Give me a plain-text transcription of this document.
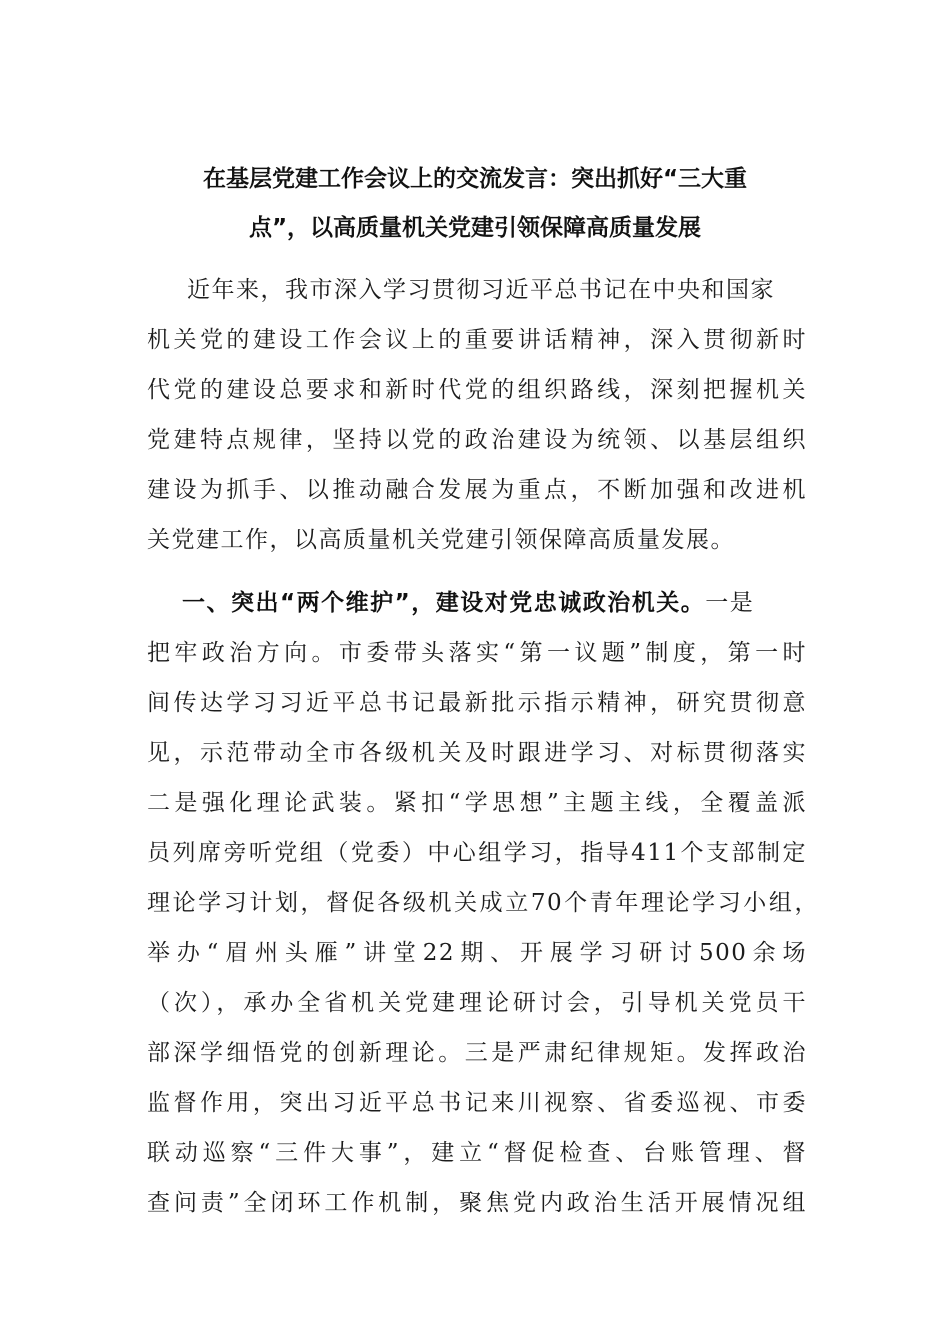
在基层党建工作会议上的交流发言：突出抓好“三大重
点”，以高质量机关党建引领保障高质量发展
近年来，我市深入学习贯彻习近平总书记在中央和国家
机关党的建设工作会议上的重要讲话精神，深入贯彻新时
代党的建设总要求和新时代党的组织路线，深刻把握机关
党建特点规律，坚持以党的政治建设为统领、以基层组织
建设为抓手、以推动融合发展为重点，不断加强和改进机
关党建工作，以高质量机关党建引领保障高质量发展。
一、突出“两个维护”，建设对党忠诚政治机关。一是
把牢政治方向。市委带头落实“第一议题”制度，第一时
间传达学习习近平总书记最新批示指示精神，研究贯彻意
见，示范带动全市各级机关及时跟进学习、对标贯彻落实
二是强化理论武装。紧扣“学思想”主题主线，全覆盖派
员列席旁听党组（党委）中心组学习，指导411个支部制定
理论学习计划，督促各级机关成立70个青年理论学习小组，
举办“眉州头雁”讲堂22期、开展学习研讨500余场
（次），承办全省机关党建理论研讨会，引导机关党员干
部深学细悟党的创新理论。三是严肃纪律规矩。发挥政治
监督作用，突出习近平总书记来川视察、省委巡视、市委
联动巡察“三件大事”，建立“督促检查、台账管理、督
查问责”全闭环工作机制，聚焦党内政治生活开展情况组
